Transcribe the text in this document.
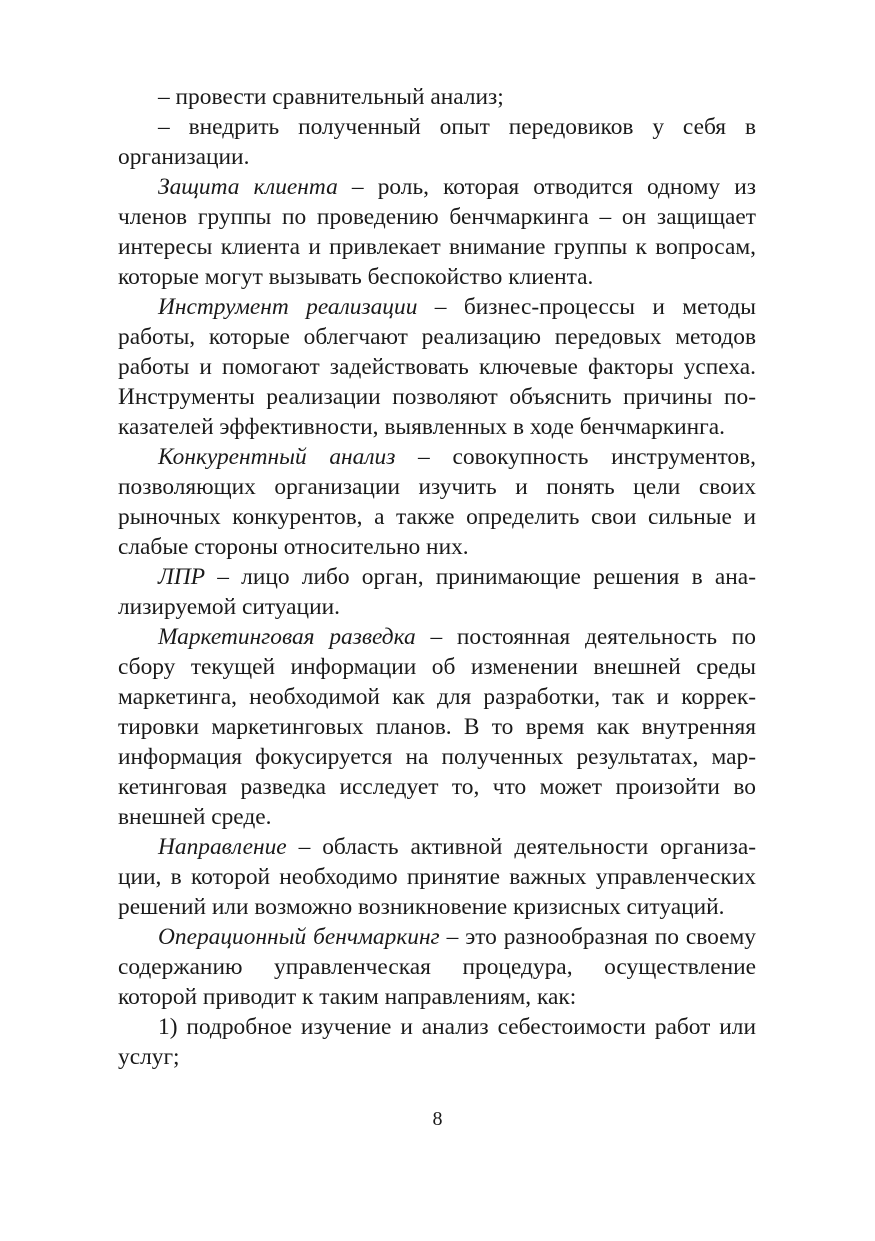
– провести сравнительный анализ;

– внедрить полученный опыт передовиков у себя в организации.

Защита клиента – роль, которая отводится одному из членов группы по проведению бенчмаркинга – он защищает интересы клиента и привлекает внимание группы к вопросам, которые могут вызывать беспокойство клиента.

Инструмент реализации – бизнес-процессы и методы работы, которые облегчают реализацию передовых методов работы и помогают задействовать ключевые факторы успеха. Инструменты реализации позволяют объяснить причины показателей эффективности, выявленных в ходе бенчмаркинга.

Конкурентный анализ – совокупность инструментов, позволяющих организации изучить и понять цели своих рыночных конкурентов, а также определить свои сильные и слабые стороны относительно них.

ЛПР – лицо либо орган, принимающие решения в анализируемой ситуации.

Маркетинговая разведка – постоянная деятельность по сбору текущей информации об изменении внешней среды маркетинга, необходимой как для разработки, так и корректировки маркетинговых планов. В то время как внутренняя информация фокусируется на полученных результатах, маркетинговая разведка исследует то, что может произойти во внешней среде.

Направление – область активной деятельности организации, в которой необходимо принятие важных управленческих решений или возможно возникновение кризисных ситуаций.

Операционный бенчмаркинг – это разнообразная по своему содержанию управленческая процедура, осуществление которой приводит к таким направлениям, как:

1) подробное изучение и анализ себестоимости работ или услуг;

8
